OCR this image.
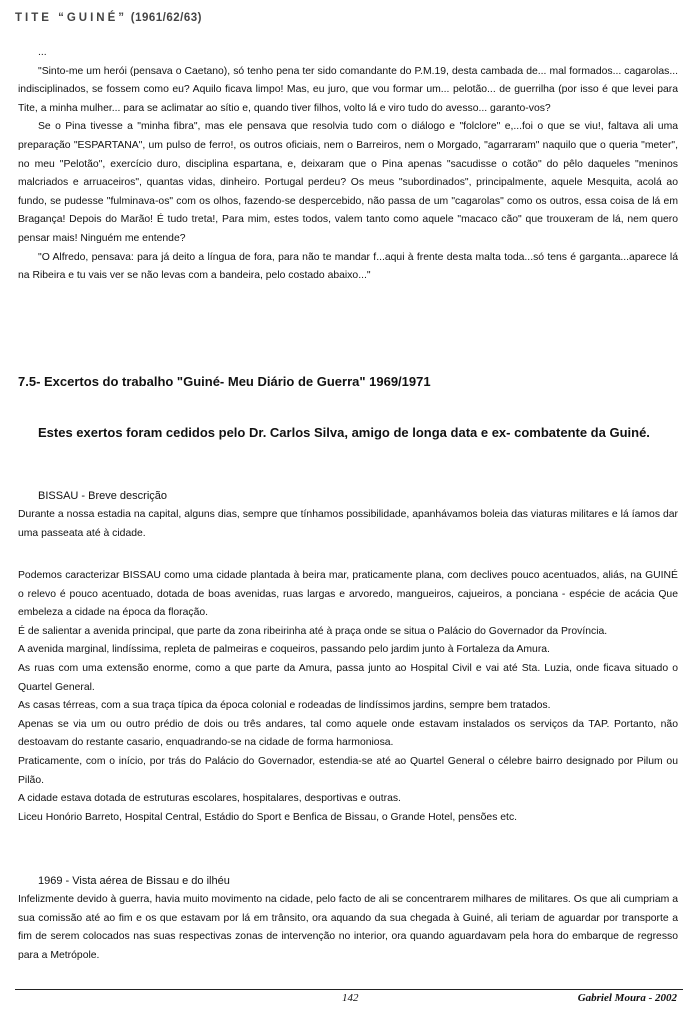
TITE “GUINÉ” (1961/62/63)

...

"Sinto-me um herói (pensava o Caetano), só tenho pena ter sido comandante do P.M.19, desta cambada de... mal formados... cagarolas... indisciplinados, se fossem como eu? Aquilo ficava limpo! Mas, eu juro, que vou formar um... pelotão... de guerrilha (por isso é que levei para Tite, a minha mulher... para se aclimatar ao sítio e, quando tiver filhos, volto lá e viro tudo do avesso... garanto-vos?

Se o Pina tivesse a "minha fibra", mas ele pensava que resolvia tudo com o diálogo e "folclore" e,...foi o que se viu!, faltava ali uma preparação "ESPARTANA", um pulso de ferro!, os outros oficiais, nem o Barreiros, nem o Morgado, "agarraram" naquilo que o queria "meter", no meu "Pelotão", exercício duro, disciplina espartana, e, deixaram que o Pina apenas "sacudisse o cotão" do pêlo daqueles "meninos malcriados e arruaceiros", quantas vidas, dinheiro. Portugal perdeu? Os meus "subordinados", principalmente, aquele Mesquita, acolá ao fundo, se pudesse "fulminava-os" com os olhos, fazendo-se despercebido, não passa de um "cagarolas" como os outros, essa coisa de lá em Bragança! Depois do Marão! É tudo treta!, Para mim, estes todos, valem tanto como aquele "macaco cão" que trouxeram de lá, nem quero pensar mais! Ninguém me entende?

"O Alfredo, pensava: para já deito a língua de fora, para não te mandar f...aqui à frente desta malta toda...só tens é garganta...aparece lá na Ribeira e tu vais ver se não levas com a bandeira, pelo costado abaixo..."

7.5- Excertos do trabalho "Guiné- Meu Diário de Guerra" 1969/1971
Estes exertos foram cedidos pelo Dr. Carlos Silva, amigo de longa data e ex- combatente da Guiné.
BISSAU - Breve descrição

Durante a nossa estadia na capital, alguns dias, sempre que tínhamos possibilidade, apanhávamos boleia das viaturas militares e lá íamos dar uma passeata até à cidade.

Podemos caracterizar BISSAU como uma cidade plantada à beira mar, praticamente plana, com declives pouco acentuados, aliás, na GUINÉ o relevo é pouco acentuado, dotada de boas avenidas, ruas largas e arvoredo, mangueiros, cajueiros, a ponciana - espécie de acácia Que embeleza a cidade na época da floração.

É de salientar a avenida principal, que parte da zona ribeirinha até à praça onde se situa o Palácio do Governador da Província.

A avenida marginal, lindíssima, repleta de palmeiras e coqueiros, passando pelo jardim junto à Fortaleza da Amura.

As ruas com uma extensão enorme, como a que parte da Amura, passa junto ao Hospital Civil e vai até Sta. Luzia, onde ficava situado o Quartel General.

As casas térreas, com a sua traça típica da época colonial e rodeadas de lindíssimos jardins, sempre bem tratados.

Apenas se via um ou outro prédio de dois ou três andares, tal como aquele onde estavam instalados os serviços da TAP. Portanto, não destoavam do restante casario, enquadrando-se na cidade de forma harmoniosa.

Praticamente, com o início, por trás do Palácio do Governador, estendia-se até ao Quartel General o célebre bairro designado por Pilum ou Pilão.

A cidade estava dotada de estruturas escolares, hospitalares, desportivas e outras.

Liceu Honório Barreto, Hospital Central, Estádio do Sport e Benfica de Bissau, o Grande Hotel, pensões etc.

1969 - Vista aérea de Bissau e do ilhéu

Infelizmente devido à guerra, havia muito movimento na cidade, pelo facto de ali se concentrarem milhares de militares. Os que ali cumpriam a sua comissão até ao fim e os que estavam por lá em trânsito, ora aquando da sua chegada à Guiné, ali teriam de aguardar por transporte a fim de serem colocados nas suas respectivas zonas de intervenção no interior, ora quando aguardavam pela hora do embarque de regresso para a Metrópole.

142	Gabriel Moura - 2002
